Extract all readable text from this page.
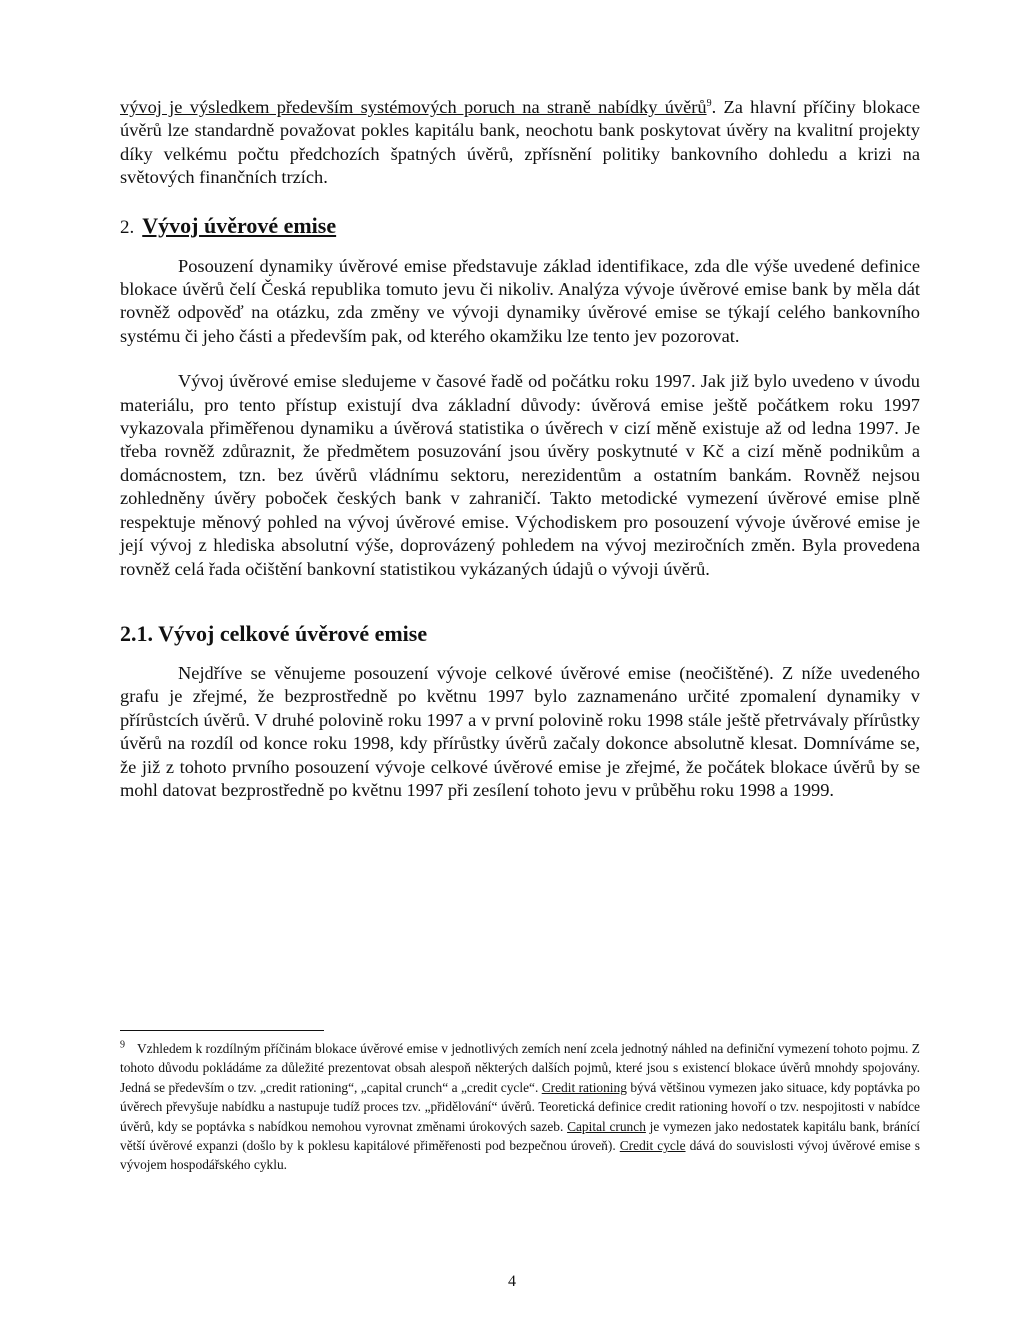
vývoj je výsledkem především systémových poruch na straně nabídky úvěrů$^9$. Za hlavní příčiny blokace úvěrů lze standardně považovat pokles kapitálu bank, neochotu bank poskytovat úvěry na kvalitní projekty díky velkému počtu předchozích špatných úvěrů, zpřísnění politiky bankovního dohledu a krizi na světových finančních trzích.

2. Vývoj úvěrové emise

Posouzení dynamiky úvěrové emise představuje základ identifikace, zda dle výše uvedené definice blokace úvěrů čelí Česká republika tomuto jevu či nikoliv. Analýza vývoje úvěrové emise bank by měla dát rovněž odpověď na otázku, zda změny ve vývoji dynamiky úvěrové emise se týkají celého bankovního systému či jeho části a především pak, od kterého okamžiku lze tento jev pozorovat.

Vývoj úvěrové emise sledujeme v časové řadě od počátku roku 1997. Jak již bylo uvedeno v úvodu materiálu, pro tento přístup existují dva základní důvody: úvěrová emise ještě počátkem roku 1997 vykazovala přiměřenou dynamiku a úvěrová statistika o úvěrech v cizí měně existuje až od ledna 1997. Je třeba rovněž zdůraznit, že předmětem posuzování jsou úvěry poskytnuté v Kč a cizí měně podnikům a domácnostem, tzn. bez úvěrů vládnímu sektoru, nerezidentům a ostatním bankám. Rovněž nejsou zohledněny úvěry poboček českých bank v zahraničí. Takto metodické vymezení úvěrové emise plně respektuje měnový pohled na vývoj úvěrové emise. Východiskem pro posouzení vývoje úvěrové emise je její vývoj z hlediska absolutní výše, doprovázený pohledem na vývoj meziročních změn. Byla provedena rovněž celá řada očištění bankovní statistikou vykázaných údajů o vývoji úvěrů.

2.1. Vývoj celkové úvěrové emise

Nejdříve se věnujeme posouzení vývoje celkové úvěrové emise (neočištěné). Z níže uvedeného grafu je zřejmé, že bezprostředně po květnu 1997 bylo zaznamenáno určité zpomalení dynamiky v přírůstcích úvěrů. V druhé polovině roku 1997 a v první polovině roku 1998 stále ještě přetrvávaly přírůstky úvěrů na rozdíl od konce roku 1998, kdy přírůstky úvěrů začaly dokonce absolutně klesat. Domníváme se, že již z tohoto prvního posouzení vývoje celkové úvěrové emise je zřejmé, že počátek blokace úvěrů by se mohl datovat bezprostředně po květnu 1997 při zesílení tohoto jevu v průběhu roku 1998 a 1999.

$^9$ Vzhledem k rozdílným příčinám blokace úvěrové emise v jednotlivých zemích není zcela jednotný náhled na definiční vymezení tohoto pojmu. Z tohoto důvodu pokládáme za důležité prezentovat obsah alespoň některých dalších pojmů, které jsou s existencí blokace úvěrů mnohdy spojovány. Jedná se především o tzv. „credit rationing“, „capital crunch“ a „credit cycle“. Credit rationing bývá většinou vymezen jako situace, kdy poptávka po úvěrech převyšuje nabídku a nastupuje tudíž proces tzv. „přidělování“ úvěrů. Teoretická definice credit rationing hovoří o tzv. nespojitosti v nabídce úvěrů, kdy se poptávka s nabídkou nemohou vyrovnat změnami úrokových sazeb. Capital crunch je vymezen jako nedostatek kapitálu bank, bránící větší úvěrové expanzi (došlo by k poklesu kapitálové přiměřenosti pod bezpečnou úroveň). Credit cycle dává do souvislosti vývoj úvěrové emise s vývojem hospodářského cyklu.

4
